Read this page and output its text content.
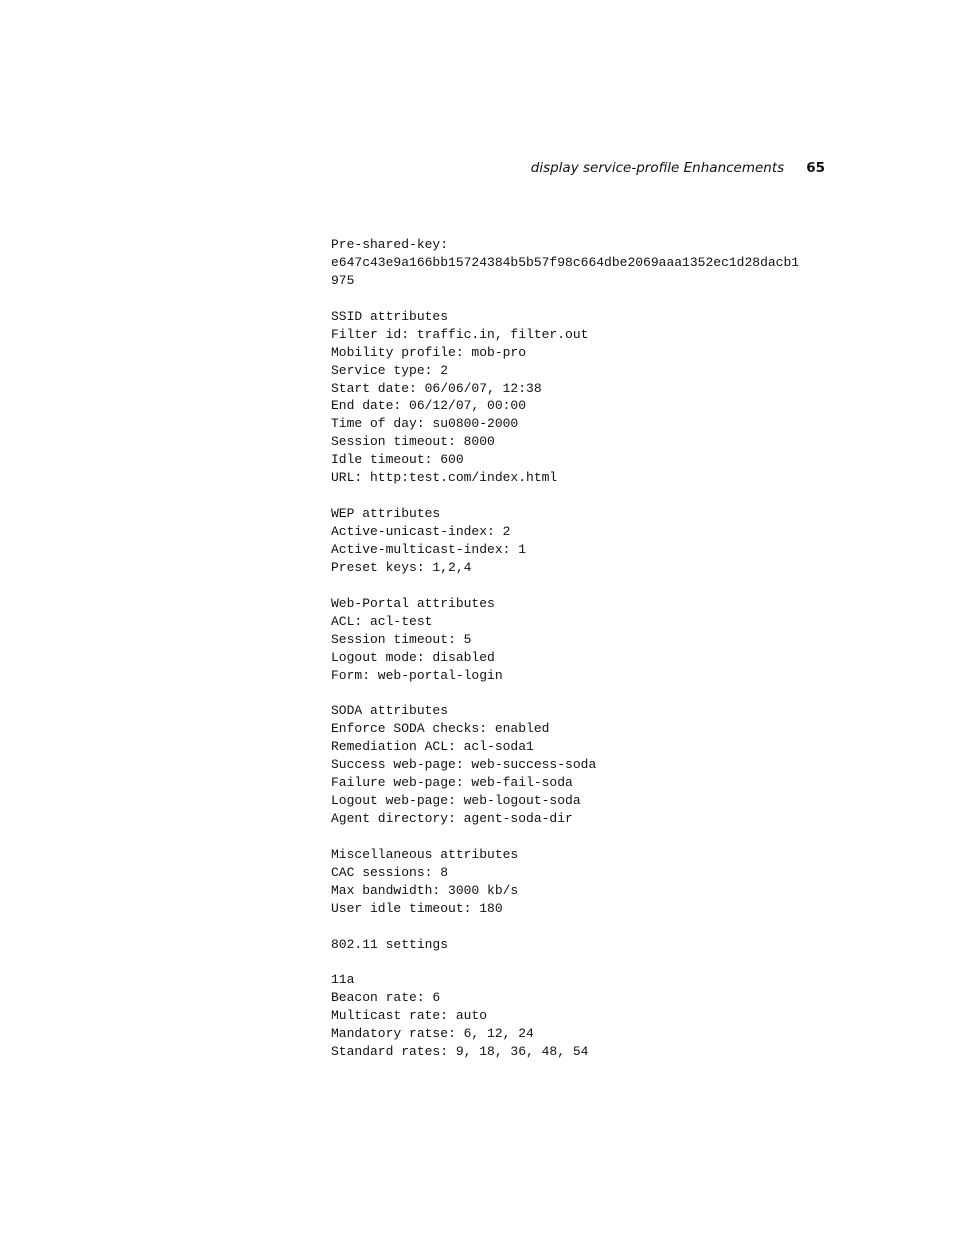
display service-profile Enhancements 65
Pre-shared-key:
e647c43e9a166bb15724384b5b57f98c664dbe2069aaa1352ec1d28dacb1
975
SSID attributes
Filter id: traffic.in, filter.out
Mobility profile: mob-pro
Service type: 2
Start date: 06/06/07, 12:38
End date: 06/12/07, 00:00
Time of day: su0800-2000
Session timeout: 8000
Idle timeout: 600
URL: http:test.com/index.html
WEP attributes
Active-unicast-index: 2
Active-multicast-index: 1
Preset keys: 1,2,4
Web-Portal attributes
ACL: acl-test
Session timeout: 5
Logout mode: disabled
Form: web-portal-login
SODA attributes
Enforce SODA checks: enabled
Remediation ACL: acl-soda1
Success web-page: web-success-soda
Failure web-page: web-fail-soda
Logout web-page: web-logout-soda
Agent directory: agent-soda-dir
Miscellaneous attributes
CAC sessions: 8
Max bandwidth: 3000 kb/s
User idle timeout: 180
802.11 settings
11a
Beacon rate: 6
Multicast rate: auto
Mandatory ratse: 6, 12, 24
Standard rates: 9, 18, 36, 48, 54
